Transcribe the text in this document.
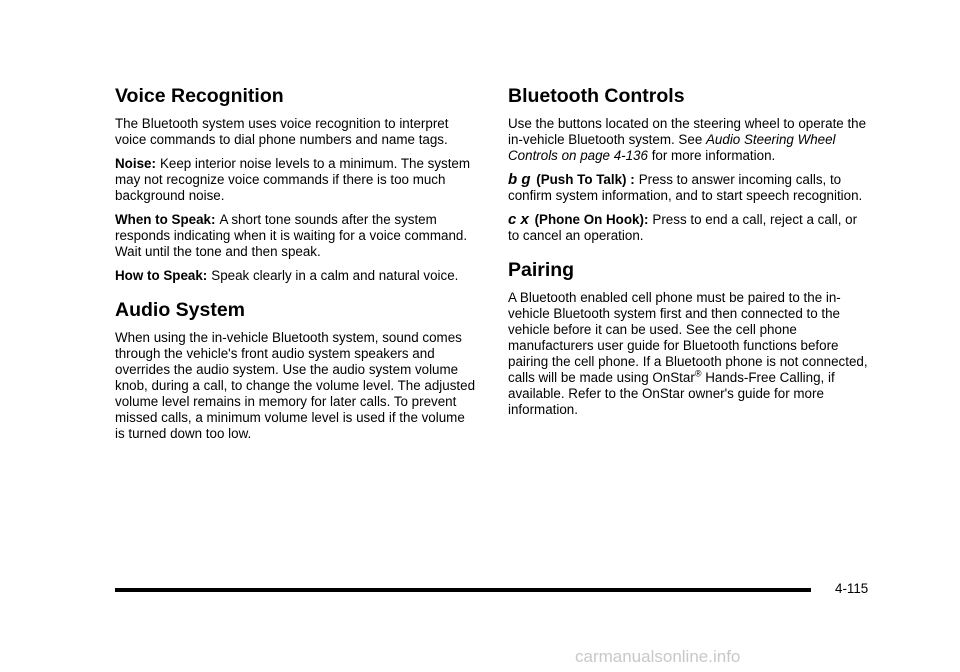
Voice Recognition

The Bluetooth system uses voice recognition to interpret voice commands to dial phone numbers and name tags.

Noise: Keep interior noise levels to a minimum. The system may not recognize voice commands if there is too much background noise.

When to Speak: A short tone sounds after the system responds indicating when it is waiting for a voice command. Wait until the tone and then speak.

How to Speak: Speak clearly in a calm and natural voice.

Audio System

When using the in-vehicle Bluetooth system, sound comes through the vehicle's front audio system speakers and overrides the audio system. Use the audio system volume knob, during a call, to change the volume level. The adjusted volume level remains in memory for later calls. To prevent missed calls, a minimum volume level is used if the volume is turned down too low.

Bluetooth Controls

Use the buttons located on the steering wheel to operate the in-vehicle Bluetooth system. See Audio Steering Wheel Controls on page 4-136 for more information.

b g (Push To Talk) : Press to answer incoming calls, to confirm system information, and to start speech recognition.

c x (Phone On Hook): Press to end a call, reject a call, or to cancel an operation.

Pairing

A Bluetooth enabled cell phone must be paired to the in-vehicle Bluetooth system first and then connected to the vehicle before it can be used. See the cell phone manufacturers user guide for Bluetooth functions before pairing the cell phone. If a Bluetooth phone is not connected, calls will be made using OnStar® Hands-Free Calling, if available. Refer to the OnStar owner's guide for more information.

4-115
carmanualsonline.info
